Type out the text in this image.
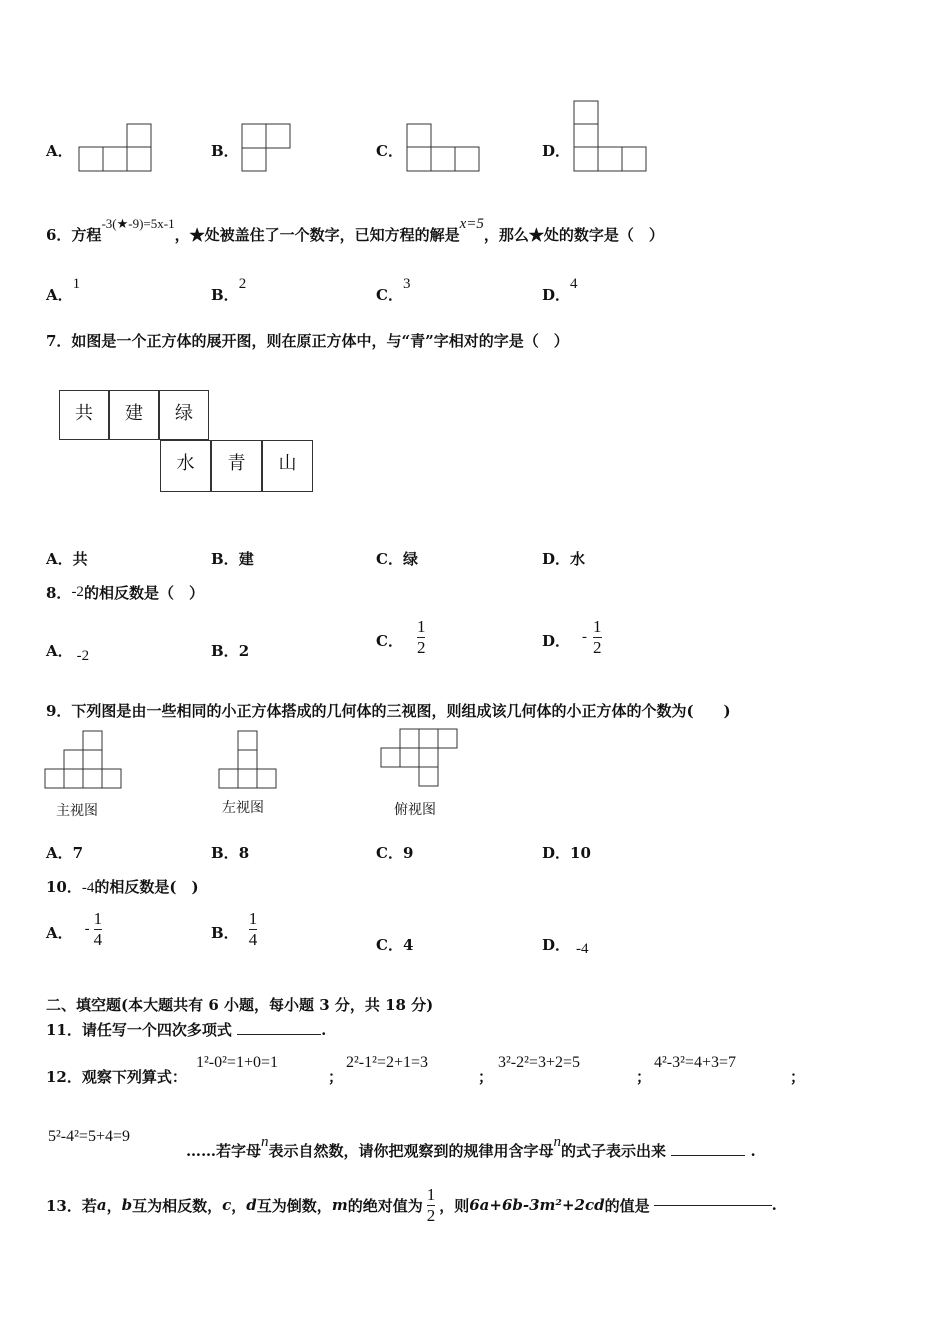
A．	B．	C．	D．
6．方程-3(★-9)=5x-1，★处被盖住了一个数字，已知方程的解是x=5，那么★处的数字是（　）
A．1
B．2
C．3
D．4
7．如图是一个正方体的展开图，则在原正方体中，与“青”字相对的字是（　）
共	建	绿
水	青	山
A．共	B．建	C．绿	D．水
8．-2的相反数是（　）
A． -2	B．2
C． $\frac{1}{2}$	D． - $\frac{1}{2}$
9．下列图是由一些相同的小正方体搭成的几何体的三视图，则组成该几何体的小正方体的个数为(　　)
主视图	左视图	俯视图
A．7	B．8	C．9	D．10
10．-4的相反数是(　)
A． - $\frac{1}{4}$	B． $\frac{1}{4}$	C．4	D． -4
二、填空题(本大题共有 6 小题，每小题 3 分，共 18 分)
11．请任写一个四次多项式	.
12．观察下列算式：
1²-0²=1+0=1
；
2²-1²=2+1=3
；
3²-2²=3+2=5
；
4²-3²=4+3=7
；
5²-4²=5+4=9
……若字母n表示自然数，请你把观察到的规律用含字母n的式子表示出来	.
13．若 a ， b 互为相反数， c ， d 互为倒数， m 的绝对值为 $\frac{1}{2}$ ，则 6a+6b-3m²+2cd 的值是	.
